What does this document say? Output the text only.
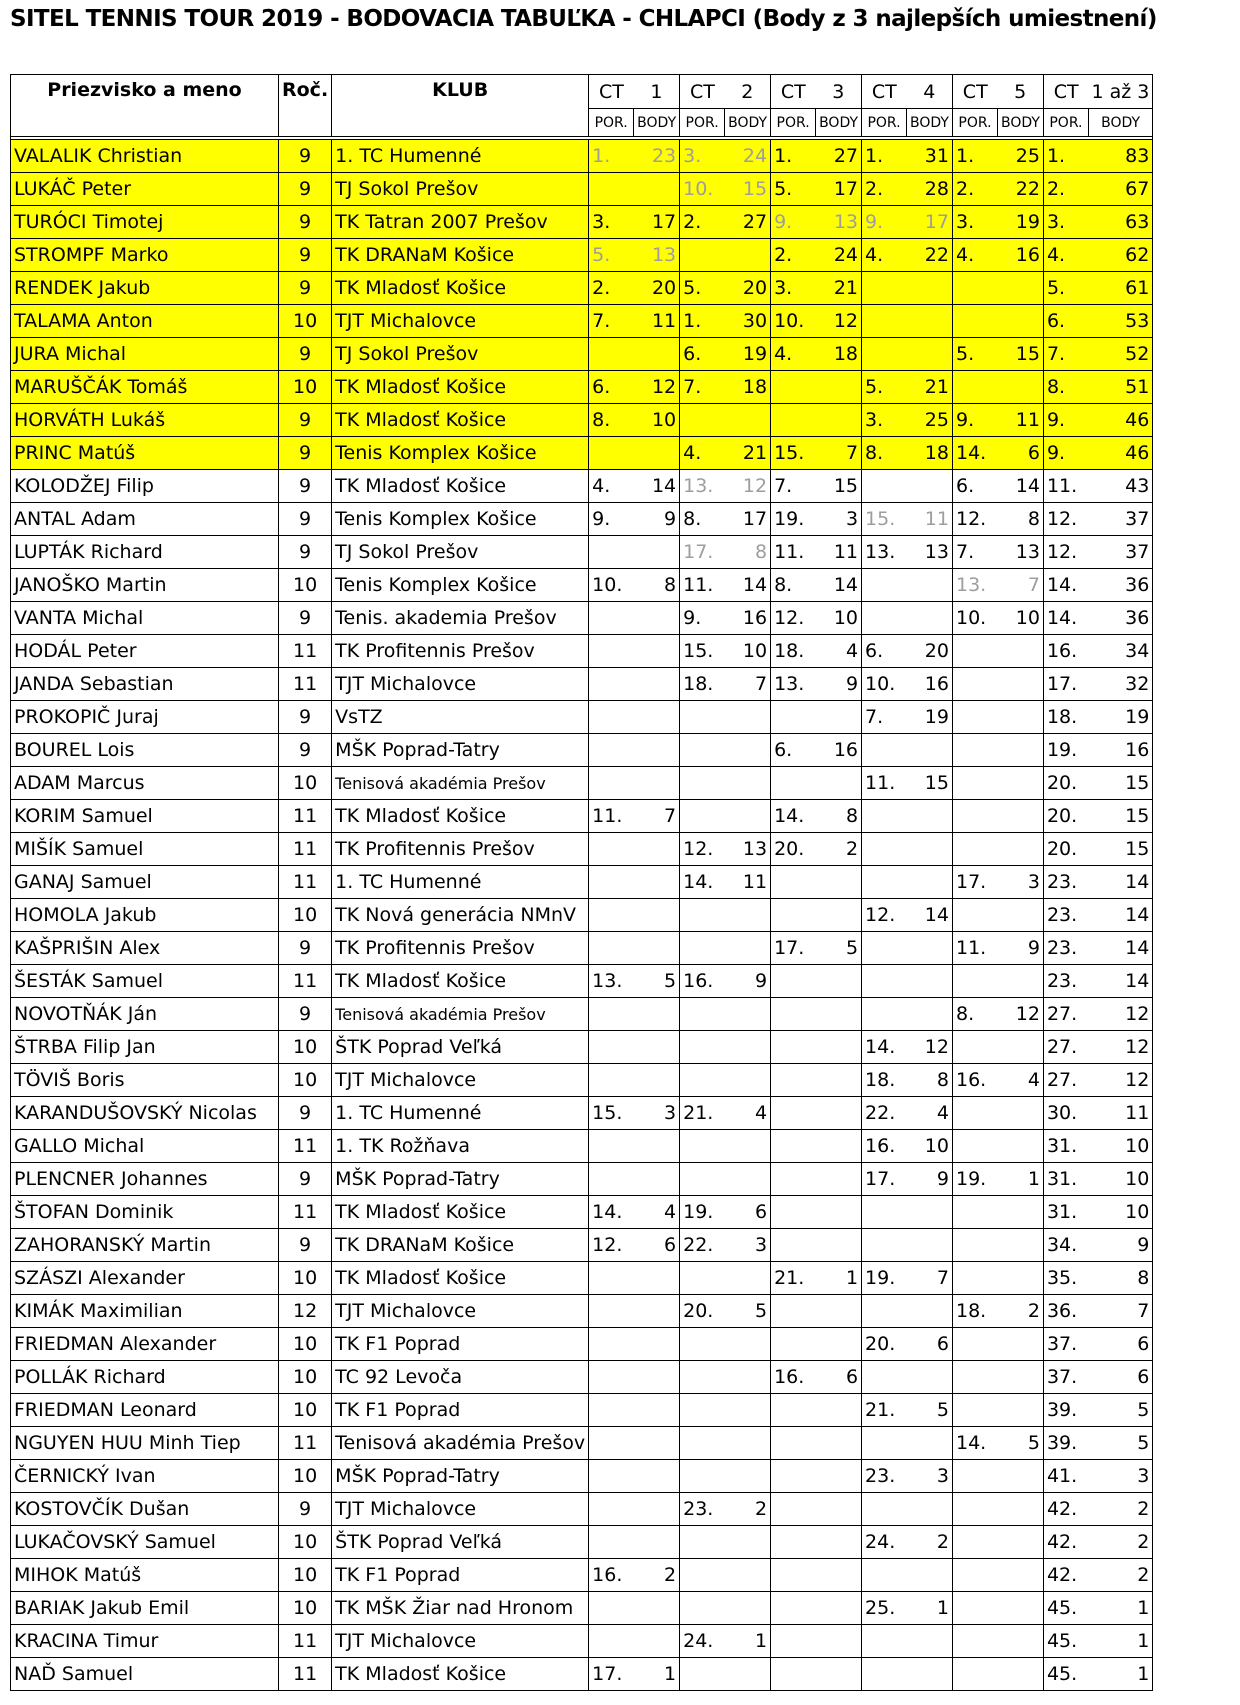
SITEL TENNIS TOUR 2019 - BODOVACIA TABUĽKA - CHLAPCI (Body z 3 najlepších umiestnení)
Priezvisko a meno	Roč.	KLUB	CT	1	CT	2	CT	3	CT	4	CT	5	CT	1 až 3
			POR.	BODY	POR.	BODY	POR.	BODY	POR.	BODY	POR.	BODY	POR.	BODY

VALALIK Christian	9	1. TC Humenné	1.	23	3.	24	1.	27	1.	31	1.	25	1.	83
LUKÁČ Peter	9	TJ Sokol Prešov			10.	15	5.	17	2.	28	2.	22	2.	67
TURÓCI Timotej	9	TK Tatran 2007 Prešov	3.	17	2.	27	9.	13	9.	17	3.	19	3.	63
STROMPF Marko	9	TK DRANaM Košice	5.	13			2.	24	4.	22	4.	16	4.	62
RENDEK Jakub	9	TK Mladosť Košice	2.	20	5.	20	3.	21					5.	61
TALAMA Anton	10	TJT Michalovce	7.	11	1.	30	10.	12					6.	53
JURA Michal	9	TJ Sokol Prešov			6.	19	4.	18			5.	15	7.	52
MARUŠČÁK Tomáš	10	TK Mladosť Košice	6.	12	7.	18			5.	21			8.	51
HORVÁTH Lukáš	9	TK Mladosť Košice	8.	10					3.	25	9.	11	9.	46
PRINC Matúš	9	Tenis Komplex Košice			4.	21	15.	7	8.	18	14.	6	9.	46
KOLODŽEJ Filip	9	TK Mladosť Košice	4.	14	13.	12	7.	15			6.	14	11.	43
ANTAL Adam	9	Tenis Komplex Košice	9.	9	8.	17	19.	3	15.	11	12.	8	12.	37
LUPTÁK Richard	9	TJ Sokol Prešov			17.	8	11.	11	13.	13	7.	13	12.	37
JANOŠKO Martin	10	Tenis Komplex Košice	10.	8	11.	14	8.	14			13.	7	14.	36
VANTA Michal	9	Tenis. akademia Prešov			9.	16	12.	10			10.	10	14.	36
HODÁL Peter	11	TK Profitennis Prešov			15.	10	18.	4	6.	20			16.	34
JANDA Sebastian	11	TJT Michalovce			18.	7	13.	9	10.	16			17.	32
PROKOPIČ Juraj	9	VsTZ							7.	19			18.	19
BOUREL Lois	9	MŠK Poprad-Tatry					6.	16					19.	16
ADAM Marcus	10	Tenisová akadémia Prešov							11.	15			20.	15
KORIM Samuel	11	TK Mladosť Košice	11.	7			14.	8					20.	15
MIŠÍK Samuel	11	TK Profitennis Prešov			12.	13	20.	2					20.	15
GANAJ Samuel	11	1. TC Humenné			14.	11					17.	3	23.	14
HOMOLA Jakub	10	TK Nová generácia NMnV							12.	14			23.	14
KAŠPRIŠIN Alex	9	TK Profitennis Prešov					17.	5			11.	9	23.	14
ŠESTÁK Samuel	11	TK Mladosť Košice	13.	5	16.	9							23.	14
NOVOTŇÁK Ján	9	Tenisová akadémia Prešov									8.	12	27.	12
ŠTRBA Filip Jan	10	ŠTK Poprad Veľká							14.	12			27.	12
TÖVIŠ Boris	10	TJT Michalovce							18.	8	16.	4	27.	12
KARANDUŠOVSKÝ Nicolas	9	1. TC Humenné	15.	3	21.	4			22.	4			30.	11
GALLO Michal	11	1. TK Rožňava							16.	10			31.	10
PLENCNER Johannes	9	MŠK Poprad-Tatry							17.	9	19.	1	31.	10
ŠTOFAN Dominik	11	TK Mladosť Košice	14.	4	19.	6							31.	10
ZAHORANSKÝ Martin	9	TK DRANaM Košice	12.	6	22.	3							34.	9
SZÁSZI Alexander	10	TK Mladosť Košice					21.	1	19.	7			35.	8
KIMÁK Maximilian	12	TJT Michalovce			20.	5					18.	2	36.	7
FRIEDMAN Alexander	10	TK F1 Poprad							20.	6			37.	6
POLLÁK Richard	10	TC 92 Levoča					16.	6					37.	6
FRIEDMAN Leonard	10	TK F1 Poprad							21.	5			39.	5
NGUYEN HUU Minh Tiep	11	Tenisová akadémia Prešov									14.	5	39.	5
ČERNICKÝ Ivan	10	MŠK Poprad-Tatry							23.	3			41.	3
KOSTOVČÍK Dušan	9	TJT Michalovce			23.	2							42.	2
LUKAČOVSKÝ Samuel	10	ŠTK Poprad Veľká							24.	2			42.	2
MIHOK Matúš	10	TK F1 Poprad	16.	2									42.	2
BARIAK Jakub Emil	10	TK MŠK Žiar nad Hronom							25.	1			45.	1
KRACINA Timur	11	TJT Michalovce			24.	1							45.	1
NAĎ Samuel	11	TK Mladosť Košice	17.	1									45.	1
